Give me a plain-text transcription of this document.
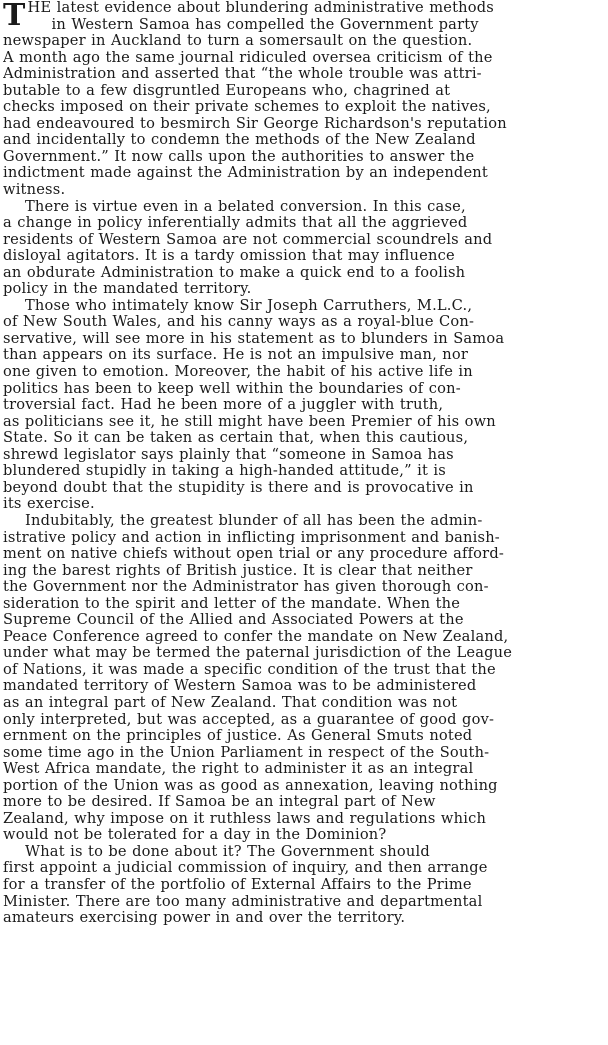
T HE latest evidence about blundering administrative methods
in Western Samoa has compelled the Government party
newspaper in Auckland to turn a somersault on the question.
A month ago the same journal ridiculed oversea criticism of the
Administration and asserted that “the whole trouble was attri-
butable to a few disgruntled Europeans who, chagrined at
checks imposed on their private schemes to exploit the natives,
had endeavoured to besmirch Sir George Richardson's reputation
and incidentally to condemn the methods of the New Zealand
Government.” It now calls upon the authorities to answer the
indictment made against the Administration by an independent
witness.
There is virtue even in a belated conversion. In this case,
a change in policy inferentially admits that all the aggrieved
residents of Western Samoa are not commercial scoundrels and
disloyal agitators. It is a tardy omission that may influence
an obdurate Administration to make a quick end to a foolish
policy in the mandated territory.
Those who intimately know Sir Joseph Carruthers, M.L.C.,
of New South Wales, and his canny ways as a royal-blue Con-
servative, will see more in his statement as to blunders in Samoa
than appears on its surface. He is not an impulsive man, nor
one given to emotion. Moreover, the habit of his active life in
politics has been to keep well within the boundaries of con-
troversial fact. Had he been more of a juggler with truth,
as politicians see it, he still might have been Premier of his own
State. So it can be taken as certain that, when this cautious,
shrewd legislator says plainly that “someone in Samoa has
blundered stupidly in taking a high-handed attitude,” it is
beyond doubt that the stupidity is there and is provocative in
its exercise.
Indubitably, the greatest blunder of all has been the admin-
istrative policy and action in inflicting imprisonment and banish-
ment on native chiefs without open trial or any procedure afford-
ing the barest rights of British justice. It is clear that neither
the Government nor the Administrator has given thorough con-
sideration to the spirit and letter of the mandate. When the
Supreme Council of the Allied and Associated Powers at the
Peace Conference agreed to confer the mandate on New Zealand,
under what may be termed the paternal jurisdiction of the League
of Nations, it was made a specific condition of the trust that the
mandated territory of Western Samoa was to be administered
as an integral part of New Zealand. That condition was not
only interpreted, but was accepted, as a guarantee of good gov-
ernment on the principles of justice. As General Smuts noted
some time ago in the Union Parliament in respect of the South-
West Africa mandate, the right to administer it as an integral
portion of the Union was as good as annexation, leaving nothing
more to be desired. If Samoa be an integral part of New
Zealand, why impose on it ruthless laws and regulations which
would not be tolerated for a day in the Dominion?
What is to be done about it? The Government should
first appoint a judicial commission of inquiry, and then arrange
for a transfer of the portfolio of External Affairs to the Prime
Minister. There are too many administrative and departmental
amateurs exercising power in and over the territory.
